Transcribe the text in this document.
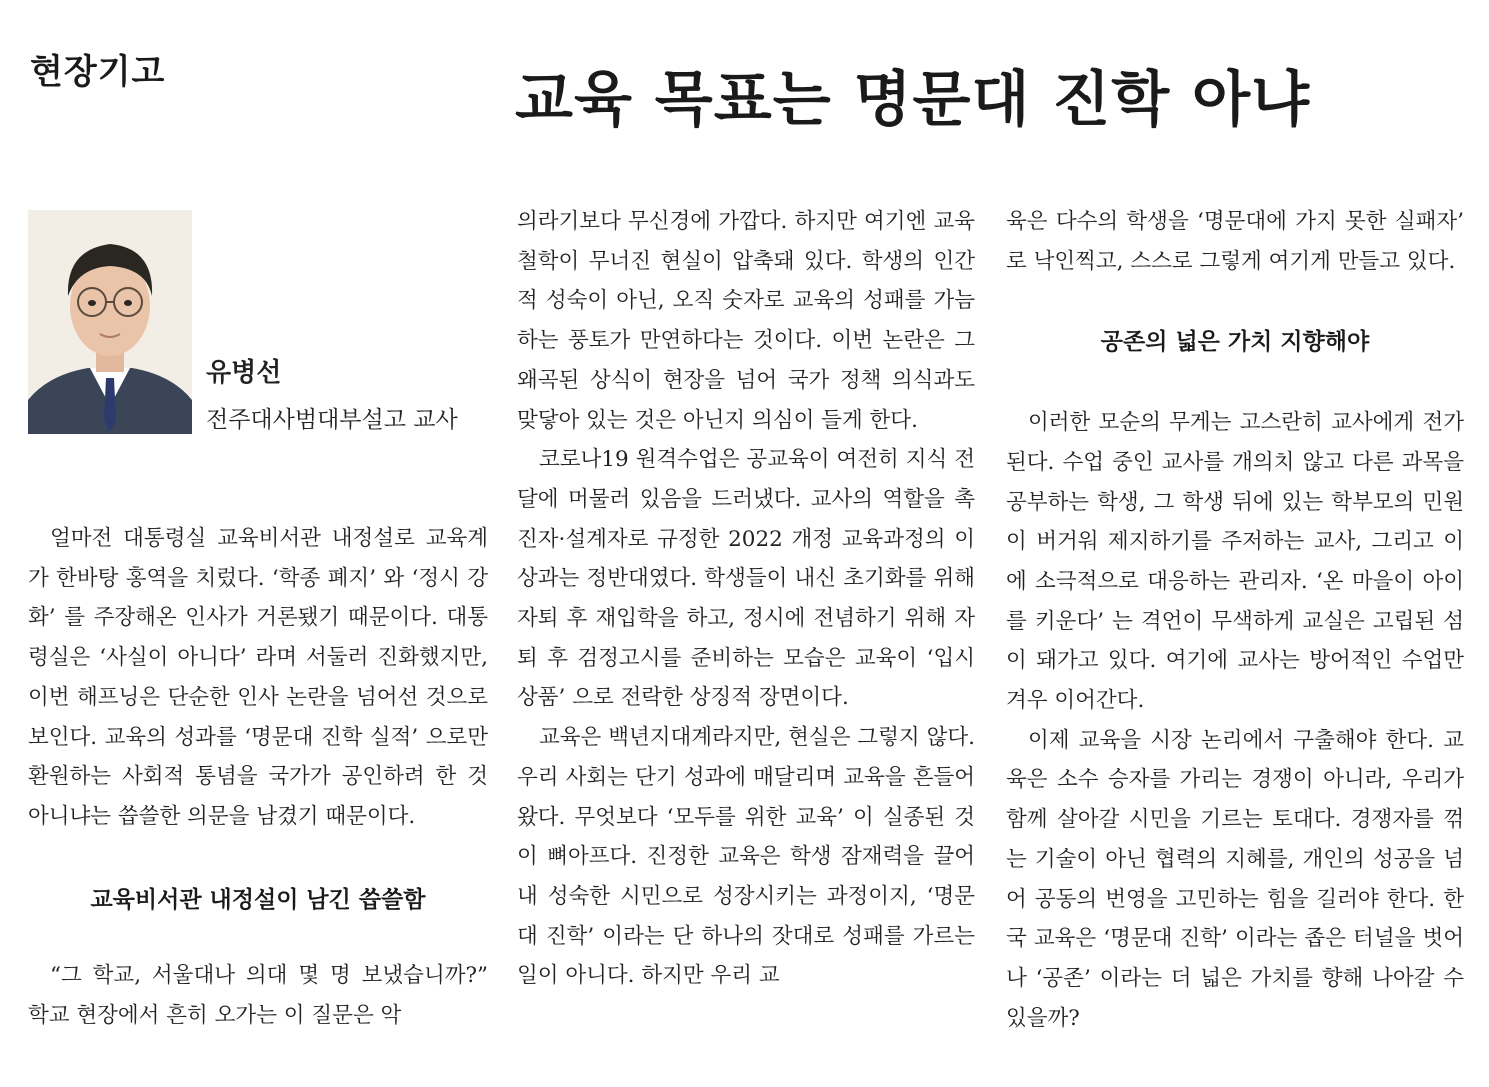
현장기고	교육 목표는 명문대 진학 아냐
유병선
전주대사범대부설고 교사

얼마전 대통령실 교육비서관 내정설로 교육계가 한바탕 홍역을 치렀다. ‘학종 폐지’ 와 ‘정시 강화’ 를 주장해온 인사가 거론됐기 때문이다. 대통령실은 ‘사실이 아니다’ 라며 서둘러 진화했지만, 이번 해프닝은 단순한 인사 논란을 넘어선 것으로 보인다. 교육의 성과를 ‘명문대 진학 실적’ 으로만 환원하는 사회적 통념을 국가가 공인하려 한 것 아니냐는 씁쓸한 의문을 남겼기 때문이다.

교육비서관 내정설이 남긴 씁쓸함

“그 학교, 서울대나 의대 몇 명 보냈습니까?” 학교 현장에서 흔히 오가는 이 질문은 악

의라기보다 무신경에 가깝다. 하지만 여기엔 교육 철학이 무너진 현실이 압축돼 있다. 학생의 인간적 성숙이 아닌, 오직 숫자로 교육의 성패를 가늠하는 풍토가 만연하다는 것이다. 이번 논란은 그 왜곡된 상식이 현장을 넘어 국가 정책 의식과도 맞닿아 있는 것은 아닌지 의심이 들게 한다.

코로나19 원격수업은 공교육이 여전히 지식 전달에 머물러 있음을 드러냈다. 교사의 역할을 촉진자·설계자로 규정한 2022 개정 교육과정의 이상과는 정반대였다. 학생들이 내신 초기화를 위해 자퇴 후 재입학을 하고, 정시에 전념하기 위해 자퇴 후 검정고시를 준비하는 모습은 교육이 ‘입시 상품’ 으로 전락한 상징적 장면이다.

교육은 백년지대계라지만, 현실은 그렇지 않다. 우리 사회는 단기 성과에 매달리며 교육을 흔들어왔다. 무엇보다 ‘모두를 위한 교육’ 이 실종된 것이 뼈아프다. 진정한 교육은 학생 잠재력을 끌어내 성숙한 시민으로 성장시키는 과정이지, ‘명문대 진학’ 이라는 단 하나의 잣대로 성패를 가르는 일이 아니다. 하지만 우리 교

육은 다수의 학생을 ‘명문대에 가지 못한 실패자’ 로 낙인찍고, 스스로 그렇게 여기게 만들고 있다.

공존의 넓은 가치 지향해야

이러한 모순의 무게는 고스란히 교사에게 전가된다. 수업 중인 교사를 개의치 않고 다른 과목을 공부하는 학생, 그 학생 뒤에 있는 학부모의 민원이 버거워 제지하기를 주저하는 교사, 그리고 이에 소극적으로 대응하는 관리자. ‘온 마을이 아이를 키운다’ 는 격언이 무색하게 교실은 고립된 섬이 돼가고 있다. 여기에 교사는 방어적인 수업만 겨우 이어간다.

이제 교육을 시장 논리에서 구출해야 한다. 교육은 소수 승자를 가리는 경쟁이 아니라, 우리가 함께 살아갈 시민을 기르는 토대다. 경쟁자를 꺾는 기술이 아닌 협력의 지혜를, 개인의 성공을 넘어 공동의 번영을 고민하는 힘을 길러야 한다. 한국 교육은 ‘명문대 진학’ 이라는 좁은 터널을 벗어나 ‘공존’ 이라는 더 넓은 가치를 향해 나아갈 수 있을까?
